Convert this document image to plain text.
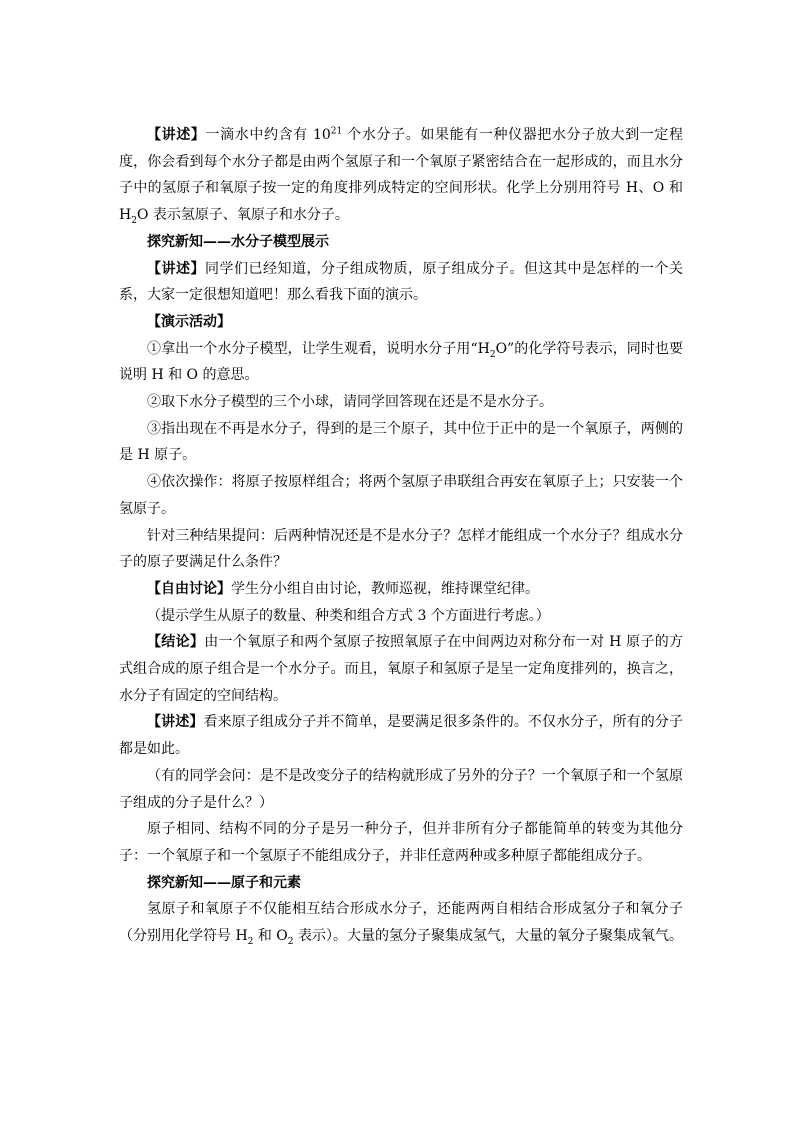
【讲述】一滴水中约含有 $10^{21}$ 个水分子。如果能有一种仪器把水分子放大到一定程度，你会看到每个水分子都是由两个氢原子和一个氧原子紧密结合在一起形成的，而且水分子中的氢原子和氧原子按一定的角度排列成特定的空间形状。化学上分别用符号 H、O 和 $H_2O$ 表示氢原子、氧原子和水分子。

探究新知——水分子模型展示

【讲述】同学们已经知道，分子组成物质，原子组成分子。但这其中是怎样的一个关系，大家一定很想知道吧！那么看我下面的演示。

【演示活动】

①拿出一个水分子模型，让学生观看，说明水分子用“$H_2O$”的化学符号表示，同时也要说明 H 和 O 的意思。

②取下水分子模型的三个小球，请同学回答现在还是不是水分子。

③指出现在不再是水分子，得到的是三个原子，其中位于正中的是一个氧原子，两侧的是 H 原子。

④依次操作：将原子按原样组合；将两个氢原子串联组合再安在氧原子上；只安装一个氢原子。

针对三种结果提问：后两种情况还是不是水分子？怎样才能组成一个水分子？组成水分子的原子要满足什么条件？

【自由讨论】学生分小组自由讨论，教师巡视，维持课堂纪律。

（提示学生从原子的数量、种类和组合方式 3 个方面进行考虑。）

【结论】由一个氧原子和两个氢原子按照氧原子在中间两边对称分布一对 H 原子的方式组合成的原子组合是一个水分子。而且，氧原子和氢原子是呈一定角度排列的，换言之，水分子有固定的空间结构。

【讲述】看来原子组成分子并不简单，是要满足很多条件的。不仅水分子，所有的分子都是如此。

（有的同学会问：是不是改变分子的结构就形成了另外的分子？一个氧原子和一个氢原子组成的分子是什么？）

原子相同、结构不同的分子是另一种分子，但并非所有分子都能简单的转变为其他分子：一个氧原子和一个氢原子不能组成分子，并非任意两种或多种原子都能组成分子。

探究新知——原子和元素

氢原子和氧原子不仅能相互结合形成水分子，还能两两自相结合形成氢分子和氧分子（分别用化学符号 $H_2$ 和 $O_2$ 表示）。大量的氢分子聚集成氢气，大量的氧分子聚集成氧气。
